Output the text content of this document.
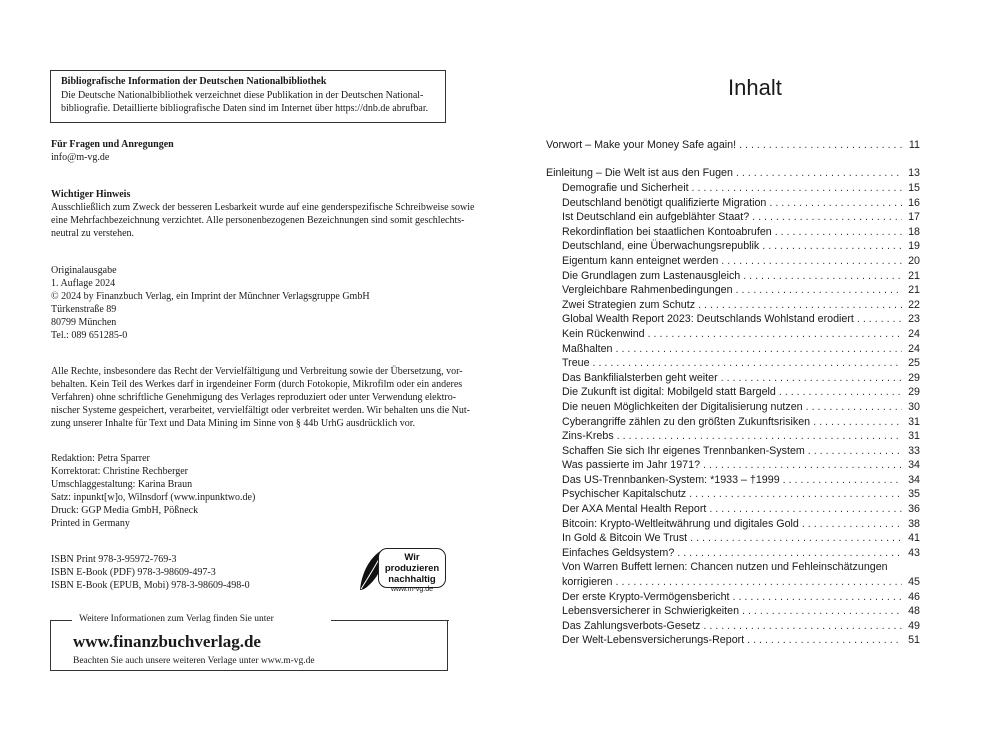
Bibliografische Information der Deutschen Nationalbibliothek
Die Deutsche Nationalbibliothek verzeichnet diese Publikation in der Deutschen National-
bibliografie. Detaillierte bibliografische Daten sind im Internet über https://dnb.de abrufbar.
Für Fragen und Anregungen
info@m-vg.de
Wichtiger Hinweis
Ausschließlich zum Zweck der besseren Lesbarkeit wurde auf eine genderspezifische Schreibweise sowie
eine Mehrfachbezeichnung verzichtet. Alle personenbezogenen Bezeichnungen sind somit geschlechts-
neutral zu verstehen.
Originalausgabe
1. Auflage 2024
© 2024 by Finanzbuch Verlag, ein Imprint der Münchner Verlagsgruppe GmbH
Türkenstraße 89
80799 München
Tel.: 089 651285-0
Alle Rechte, insbesondere das Recht der Vervielfältigung und Verbreitung sowie der Übersetzung, vor-
behalten. Kein Teil des Werkes darf in irgendeiner Form (durch Fotokopie, Mikrofilm oder ein anderes
Verfahren) ohne schriftliche Genehmigung des Verlages reproduziert oder unter Verwendung elektro-
nischer Systeme gespeichert, verarbeitet, vervielfältigt oder verbreitet werden. Wir behalten uns die Nut-
zung unserer Inhalte für Text und Data Mining im Sinne von § 44b UrhG ausdrücklich vor.
Redaktion: Petra Sparrer
Korrektorat: Christine Rechberger
Umschlaggestaltung: Karina Braun
Satz: inpunkt[w]o, Wilnsdorf (www.inpunktwo.de)
Druck: GGP Media GmbH, Pößneck
Printed in Germany
ISBN Print 978-3-95972-769-3
ISBN E-Book (PDF) 978-3-98609-497-3
ISBN E-Book (EPUB, Mobi) 978-3-98609-498-0
Wir produzieren
nachhaltig
www.m-vg.de
Weitere Informationen zum Verlag finden Sie unter
www.finanzbuchverlag.de
Beachten Sie auch unsere weiteren Verlage unter www.m-vg.de
Inhalt
Vorwort – Make your Money Safe again! . . .	11
Einleitung – Die Welt ist aus den Fugen . . .	13
Demografie und Sicherheit . . .	15
Deutschland benötigt qualifizierte Migration . . .	16
Ist Deutschland ein aufgeblähter Staat? . . .	17
Rekordinflation bei staatlichen Kontoabrufen . . .	18
Deutschland, eine Überwachungsrepublik . . .	19
Eigentum kann enteignet werden . . .	20
Die Grundlagen zum Lastenausgleich . . .	21
Vergleichbare Rahmenbedingungen . . .	21
Zwei Strategien zum Schutz . . .	22
Global Wealth Report 2023: Deutschlands Wohlstand erodiert . . .	23
Kein Rückenwind . . .	24
Maßhalten . . .	24
Treue . . .	25
Das Bankfilialsterben geht weiter . . .	29
Die Zukunft ist digital: Mobilgeld statt Bargeld . . .	29
Die neuen Möglichkeiten der Digitalisierung nutzen . . .	30
Cyberangriffe zählen zu den größten Zukunftsrisiken . . .	31
Zins-Krebs . . .	31
Schaffen Sie sich Ihr eigenes Trennbanken-System . . .	33
Was passierte im Jahr 1971? . . .	34
Das US-Trennbanken-System: *1933 – †1999 . . .	34
Psychischer Kapitalschutz . . .	35
Der AXA Mental Health Report . . .	36
Bitcoin: Krypto-Weltleitwährung und digitales Gold . . .	38
In Gold & Bitcoin We Trust . . .	41
Einfaches Geldsystem? . . .	43
Von Warren Buffett lernen: Chancen nutzen und Fehleinschätzungen
korrigieren . . .	45
Der erste Krypto-Vermögensbericht . . .	46
Lebensversicherer in Schwierigkeiten . . .	48
Das Zahlungsverbots-Gesetz . . .	49
Der Welt-Lebensversicherungs-Report . . .	51
